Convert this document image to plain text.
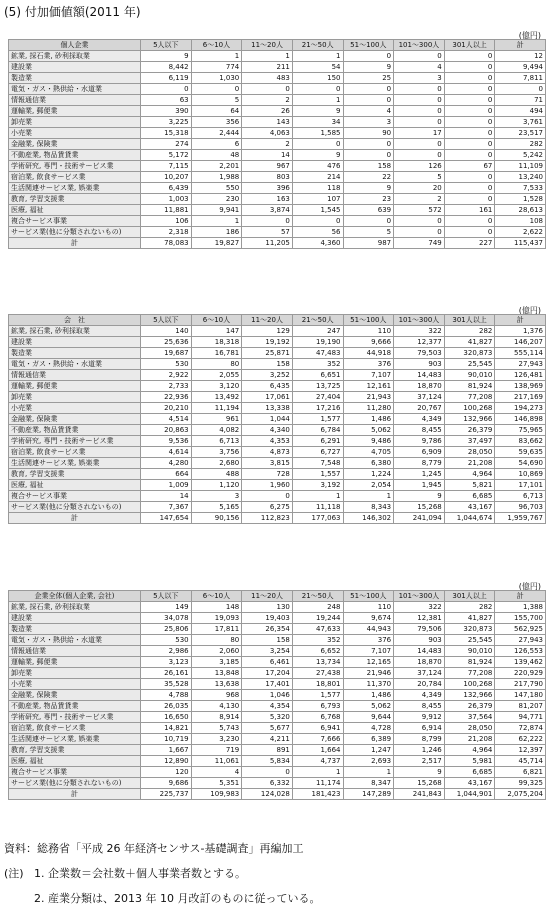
(5) 付加価値額(2011 年)
(億円)
個人企業	5人以下	6～10人	11～20人	21～50人	51～100人	101～300人	301人以上	計
鉱業, 採石業, 砂利採取業	9	1	1	1	0	0	0	12
建設業	8,442	774	211	54	9	4	0	9,494
製造業	6,119	1,030	483	150	25	3	0	7,811
電気・ガス・熱供給・水道業	0	0	0	0	0	0	0	0
情報通信業	63	5	2	1	0	0	0	71
運輸業, 郵便業	390	64	26	9	4	0	0	494
卸売業	3,225	356	143	34	3	0	0	3,761
小売業	15,318	2,444	4,063	1,585	90	17	0	23,517
金融業, 保険業	274	6	2	0	0	0	0	282
不動産業, 物品賃貸業	5,172	48	14	9	0	0	0	5,242
学術研究, 専門・技術サービス業	7,115	2,201	967	476	158	126	67	11,109
宿泊業, 飲食サービス業	10,207	1,988	803	214	22	5	0	13,240
生活関連サービス業, 娯楽業	6,439	550	396	118	9	20	0	7,533
教育, 学習支援業	1,003	230	163	107	23	2	0	1,528
医療, 福祉	11,881	9,941	3,874	1,545	639	572	161	28,613
複合サービス事業	106	1	0	0	0	0	0	108
サービス業(他に分類されないもの)	2,318	186	57	56	5	0	0	2,622
計	78,083	19,827	11,205	4,360	987	749	227	115,437
(億円)
会　社	5人以下	6～10人	11～20人	21～50人	51～100人	101～300人	301人以上	計
鉱業, 採石業, 砂利採取業	140	147	129	247	110	322	282	1,376
建設業	25,636	18,318	19,192	19,190	9,666	12,377	41,827	146,207
製造業	19,687	16,781	25,871	47,483	44,918	79,503	320,873	555,114
電気・ガス・熱供給・水道業	530	80	158	352	376	903	25,545	27,943
情報通信業	2,922	2,055	3,252	6,651	7,107	14,483	90,010	126,481
運輸業, 郵便業	2,733	3,120	6,435	13,725	12,161	18,870	81,924	138,969
卸売業	22,936	13,492	17,061	27,404	21,943	37,124	77,208	217,169
小売業	20,210	11,194	13,338	17,216	11,280	20,767	100,268	194,273
金融業, 保険業	4,514	961	1,044	1,577	1,486	4,349	132,966	146,898
不動産業, 物品賃貸業	20,863	4,082	4,340	6,784	5,062	8,455	26,379	75,965
学術研究, 専門・技術サービス業	9,536	6,713	4,353	6,291	9,486	9,786	37,497	83,662
宿泊業, 飲食サービス業	4,614	3,756	4,873	6,727	4,705	6,909	28,050	59,635
生活関連サービス業, 娯楽業	4,280	2,680	3,815	7,548	6,380	8,779	21,208	54,690
教育, 学習支援業	664	488	728	1,557	1,224	1,245	4,964	10,869
医療, 福祉	1,009	1,120	1,960	3,192	2,054	1,945	5,821	17,101
複合サービス事業	14	3	0	1	1	9	6,685	6,713
サービス業(他に分類されないもの)	7,367	5,165	6,275	11,118	8,343	15,268	43,167	96,703
計	147,654	90,156	112,823	177,063	146,302	241,094	1,044,674	1,959,767
(億円)
企業全体(個人企業, 会社)	5人以下	6～10人	11～20人	21～50人	51～100人	101～300人	301人以上	計
鉱業, 採石業, 砂利採取業	149	148	130	248	110	322	282	1,388
建設業	34,078	19,093	19,403	19,244	9,674	12,381	41,827	155,700
製造業	25,806	17,811	26,354	47,633	44,943	79,506	320,873	562,925
電気・ガス・熱供給・水道業	530	80	158	352	376	903	25,545	27,943
情報通信業	2,986	2,060	3,254	6,652	7,107	14,483	90,010	126,553
運輸業, 郵便業	3,123	3,185	6,461	13,734	12,165	18,870	81,924	139,462
卸売業	26,161	13,848	17,204	27,438	21,946	37,124	77,208	220,929
小売業	35,528	13,638	17,401	18,801	11,370	20,784	100,268	217,790
金融業, 保険業	4,788	968	1,046	1,577	1,486	4,349	132,966	147,180
不動産業, 物品賃貸業	26,035	4,130	4,354	6,793	5,062	8,455	26,379	81,207
学術研究, 専門・技術サービス業	16,650	8,914	5,320	6,768	9,644	9,912	37,564	94,771
宿泊業, 飲食サービス業	14,821	5,743	5,677	6,941	4,728	6,914	28,050	72,874
生活関連サービス業, 娯楽業	10,719	3,230	4,211	7,666	6,389	8,799	21,208	62,222
教育, 学習支援業	1,667	719	891	1,664	1,247	1,246	4,964	12,397
医療, 福祉	12,890	11,061	5,834	4,737	2,693	2,517	5,981	45,714
複合サービス事業	120	4	0	1	1	9	6,685	6,821
サービス業(他に分類されないもの)	9,686	5,351	6,332	11,174	8,347	15,268	43,167	99,325
計	225,737	109,983	124,028	181,423	147,289	241,843	1,044,901	2,075,204
資料：総務省「平成 26 年経済センサス-基礎調査」再編加工
(注) 1. 企業数＝会社数＋個人事業者数とする。
2. 産業分類は、2013 年 10 月改訂のものに従っている。
